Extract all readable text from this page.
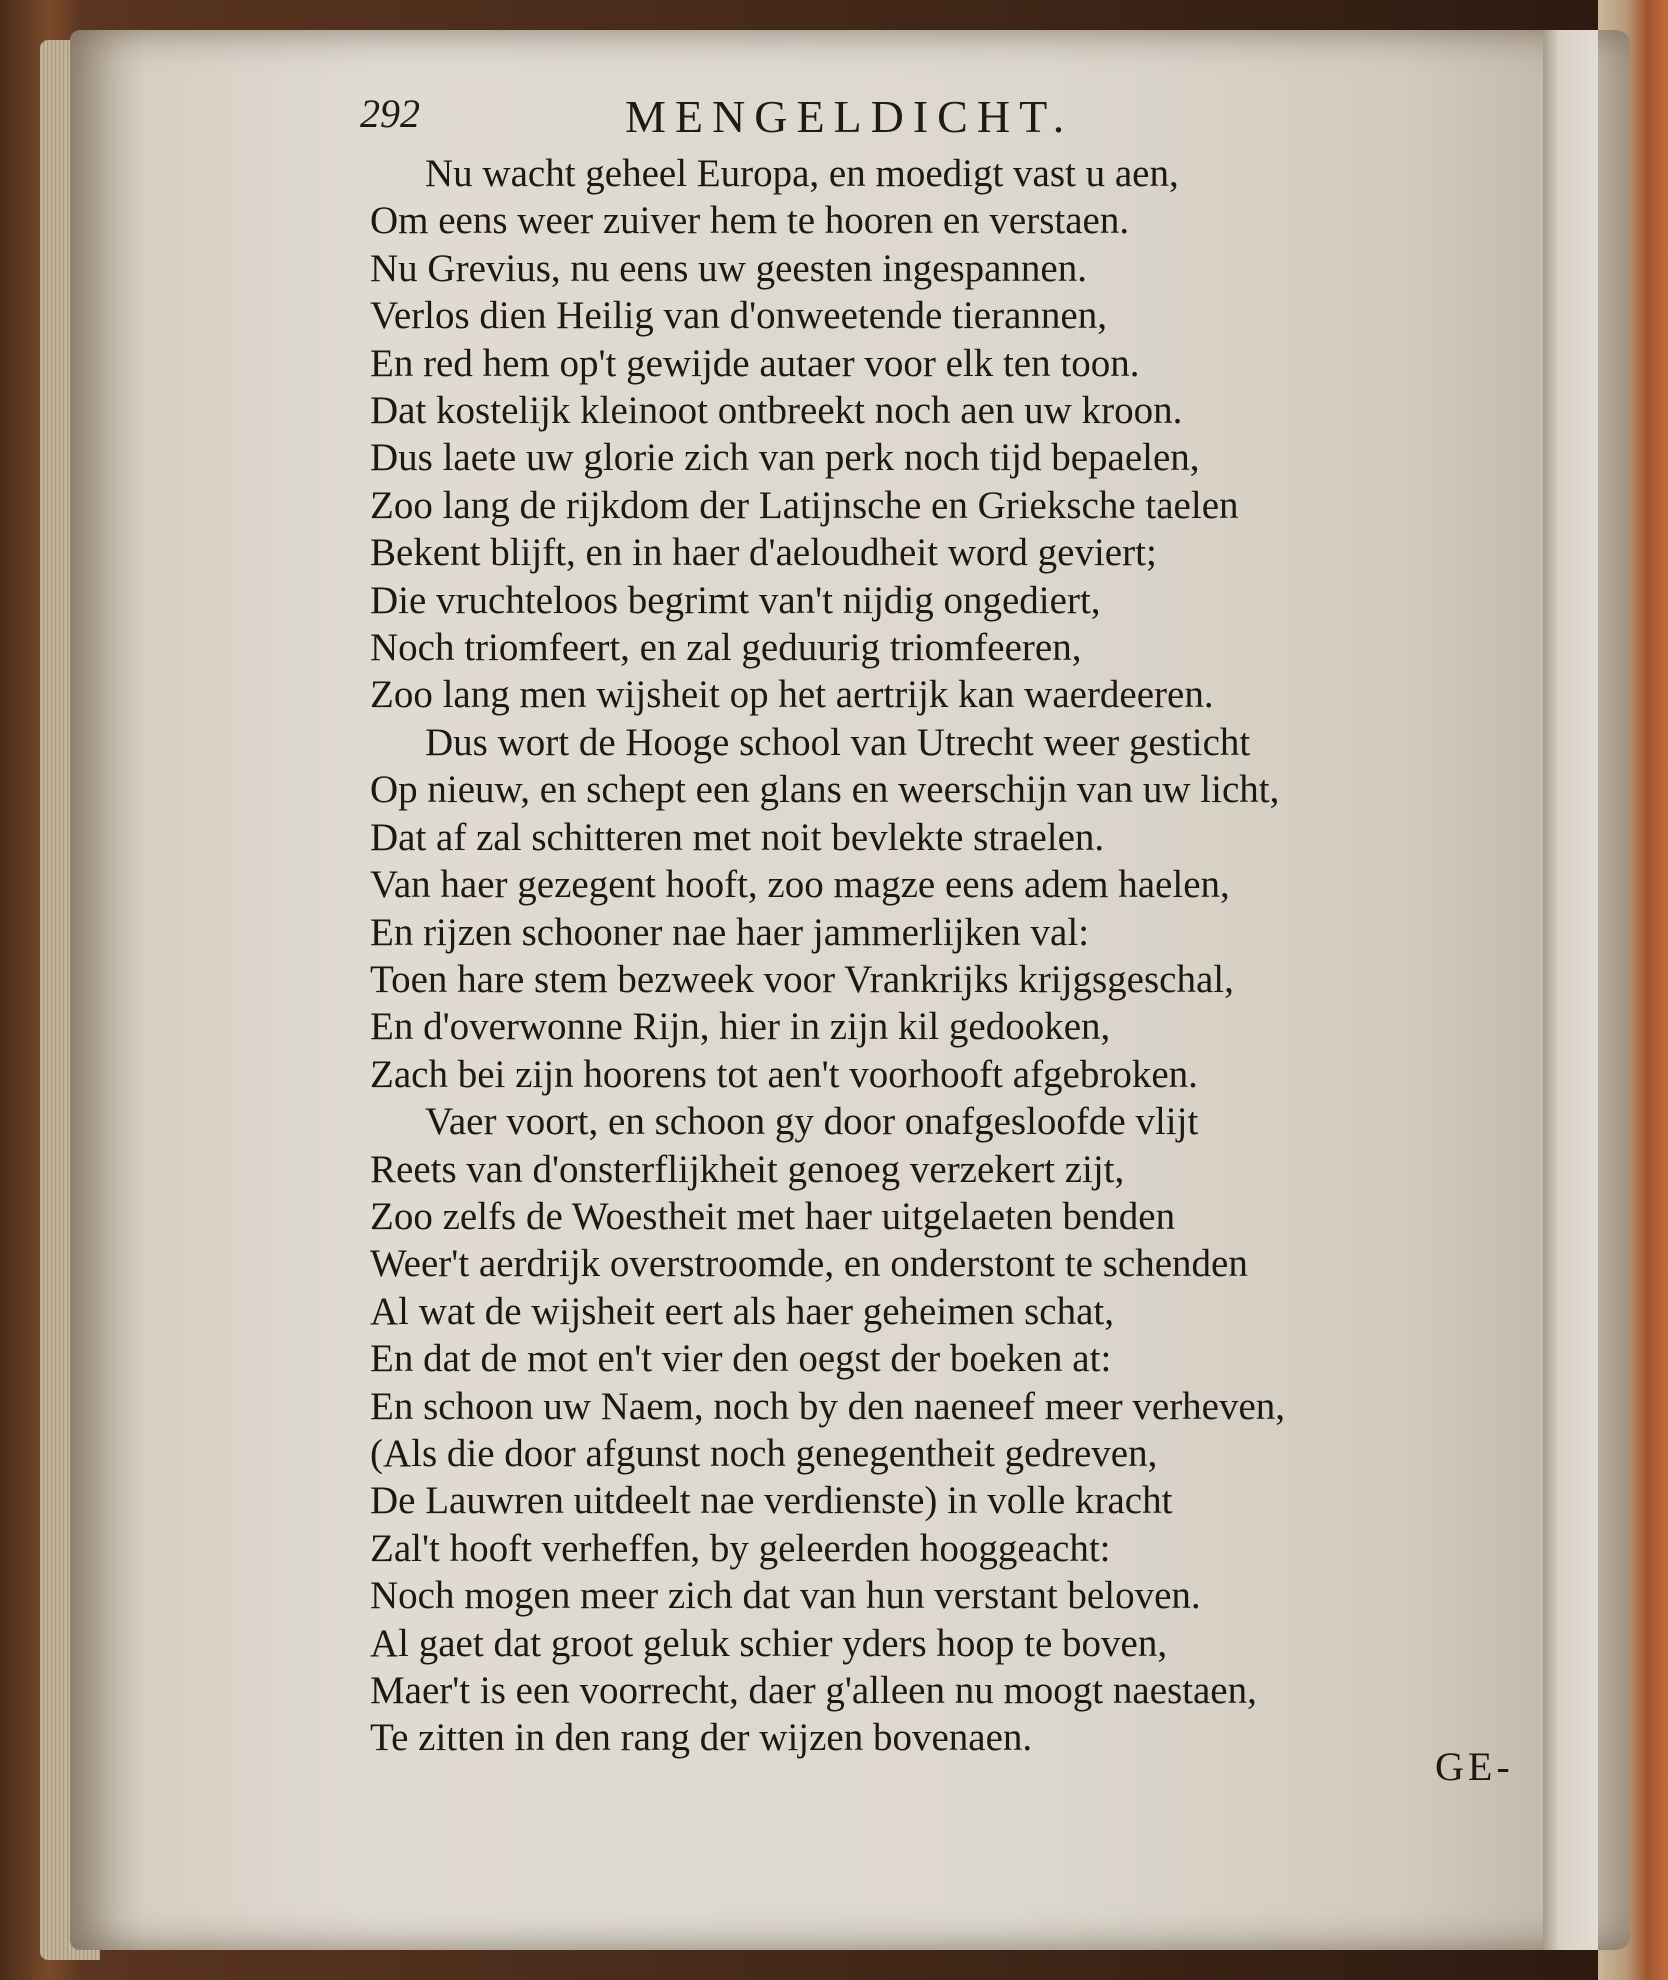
292	MENGELDICHT.
Nu wacht geheel Europa, en moedigt vast u aen,
Om eens weer zuiver hem te hooren en verstaen.
Nu Grevius, nu eens uw geesten ingespannen.
Verlos dien Heilig van d'onweetende tierannen,
En red hem op't gewijde autaer voor elk ten toon.
Dat kostelijk kleinoot ontbreekt noch aen uw kroon.
Dus laete uw glorie zich van perk noch tijd bepaelen,
Zoo lang de rijkdom der Latijnsche en Grieksche taelen
Bekent blijft, en in haer d'aeloudheit word geviert;
Die vruchteloos begrimt van't nijdig ongediert,
Noch triomfeert, en zal geduurig triomfeeren,
Zoo lang men wijsheit op het aertrijk kan waerdeeren.
Dus wort de Hooge school van Utrecht weer gesticht
Op nieuw, en schept een glans en weerschijn van uw licht,
Dat af zal schitteren met noit bevlekte straelen.
Van haer gezegent hooft, zoo magze eens adem haelen,
En rijzen schooner nae haer jammerlijken val:
Toen hare stem bezweek voor Vrankrijks krijgsgeschal,
En d'overwonne Rijn, hier in zijn kil gedooken,
Zach bei zijn hoorens tot aen't voorhooft afgebroken.
Vaer voort, en schoon gy door onafgesloofde vlijt
Reets van d'onsterflijkheit genoeg verzekert zijt,
Zoo zelfs de Woestheit met haer uitgelaeten benden
Weer't aerdrijk overstroomde, en onderstont te schenden
Al wat de wijsheit eert als haer geheimen schat,
En dat de mot en't vier den oegst der boeken at:
En schoon uw Naem, noch by den naeneef meer verheven,
(Als die door afgunst noch genegentheit gedreven,
De Lauwren uitdeelt nae verdienste) in volle kracht
Zal't hooft verheffen, by geleerden hooggeacht:
Noch mogen meer zich dat van hun verstant beloven.
Al gaet dat groot geluk schier yders hoop te boven,
Maer't is een voorrecht, daer g'alleen nu moogt naestaen,
Te zitten in den rang der wijzen bovenaen.
GE-
